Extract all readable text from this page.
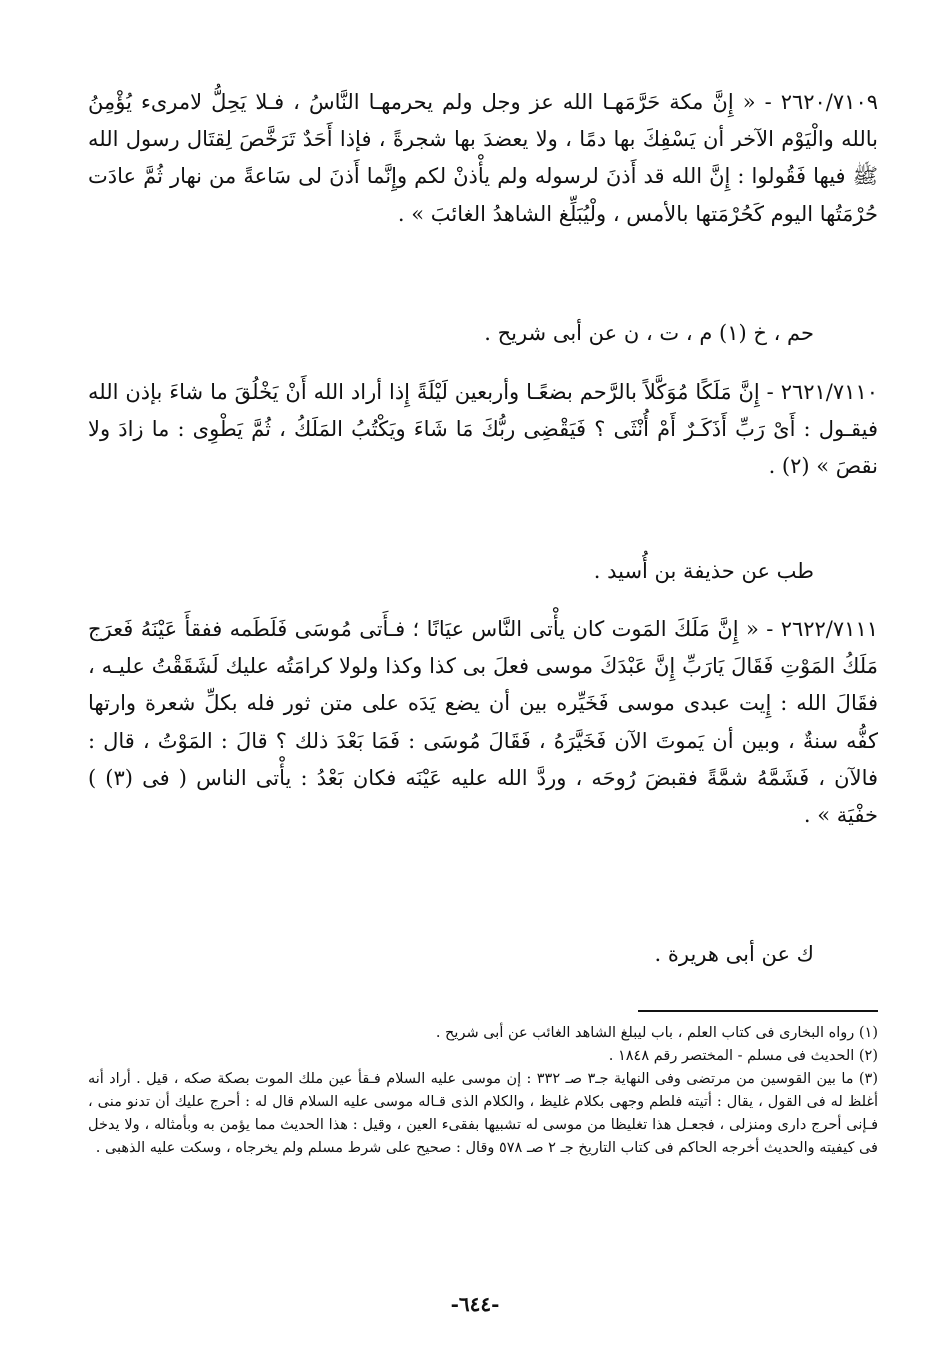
٢٦٢٠/٧١٠٩ - « إِنَّ مكة حَرَّمَهـا الله عز وجل ولم يحرمهـا النَّاسُ ، فـلا يَحِلُّ لامرىء يُؤْمِنُ بالله والْيَوْم الآخر أن يَسْفِكَ بها دمًا ، ولا يعضدَ بها شجرةً ، فإذا أَحَدٌ تَرَخَّصَ لِقتَال رسول الله ﷺ فيها فَقُولوا : إِنَّ الله قد أَذنَ لرسوله ولم يأْذنْ لكم وإِنَّما أَذنَ لى سَاعةً من نهار ثُمَّ عادَت حُرْمَتُها اليوم كَحُرْمَتها بالأمس ، ولْيُبَلِّغ الشاهدُ الغائبَ » .

حم ، خ (١) م ، ت ، ن عن أبى شريح .

٢٦٢١/٧١١٠ - إِنَّ مَلَكًا مُوَكَّلاً بالرَّحم بضعًـا وأربعين لَيْلَةً إِذا أراد الله أَنْ يَخْلُقَ ما شاءَ بإذن الله فيقـول : أَىْ رَبِّ أَذَكَـرٌ أَمْ أُنْثَى ؟ فَيَقْضِى ربُّكَ مَا شَاءَ ويَكْتُبُ المَلَكُ ، ثُمَّ يَطْوِى : ما زادَ ولا نقصَ » (٢) .

طب عن حذيفة بن أُسيد .

٢٦٢٢/٧١١١ - « إِنَّ مَلَكَ المَوت كان يأْتى النَّاس عيَانًا ؛ فـأَتى مُوسَى فَلَطَمه ففقأَ عَيْنَهُ فَعرَج مَلَكُ المَوْتِ فَقَالَ يَارَبِّ إِنَّ عَبْدَكَ موسى فعلَ بى كذا وكذا ولولا كرامَتُه عليك لَشَقَقْتُ عليـه ، فقَالَ الله : إِيت عبدى موسى فَخَيِّره بين أن يضع يَدَه على متن ثور فله بكلِّ شعرة وارتها كفُّه سنةٌ ، وبين أن يَموتَ الآن فَخَيَّرَهُ ، فَقَالَ مُوسَى : فَمَا بَعْدَ ذلك ؟ قالَ : المَوْتُ ، قال : فالآن ، فَشَمَّهُ شمَّةً فقبضَ رُوحَه ، وردَّ الله عليه عَيْنَه فكان بَعْدُ : يأْتى الناس ( فى (٣) ) خفْيَة » .

ك عن أبى هريرة .

(١) رواه البخارى فى كتاب العلم ، باب ليبلغ الشاهد الغائب عن أبى شريح .
(٢) الحديث فى مسلم - المختصر رقم ١٨٤٨ .
(٣) ما بين القوسين من مرتضى وفى النهاية جـ٣ صـ ٣٣٢ : إن موسى عليه السلام فـقأ عين ملك الموت بصكة صكه ، قيل . أراد أنه أغلظ له فى القول ، يقال : أتيته فلطم وجهى بكلام غليظ ، والكلام الذى قـاله موسى عليه السلام قال له : أحرج عليك أن تدنو منى ، فـإنى أحرج دارى ومنزلى ، فجعـل هذا تغليظا من موسى له تشبيها بفقىء العين ، وقيل : هذا الحديث مما يؤمن به وبأمثاله ، ولا يدخل فى كيفيته والحديث أخرجه الحاكم فى كتاب التاريخ جـ ٢ صـ ٥٧٨ وقال : صحيح على شرط مسلم ولم يخرجاه ، وسكت عليه الذهبى .
-٦٤٤-
